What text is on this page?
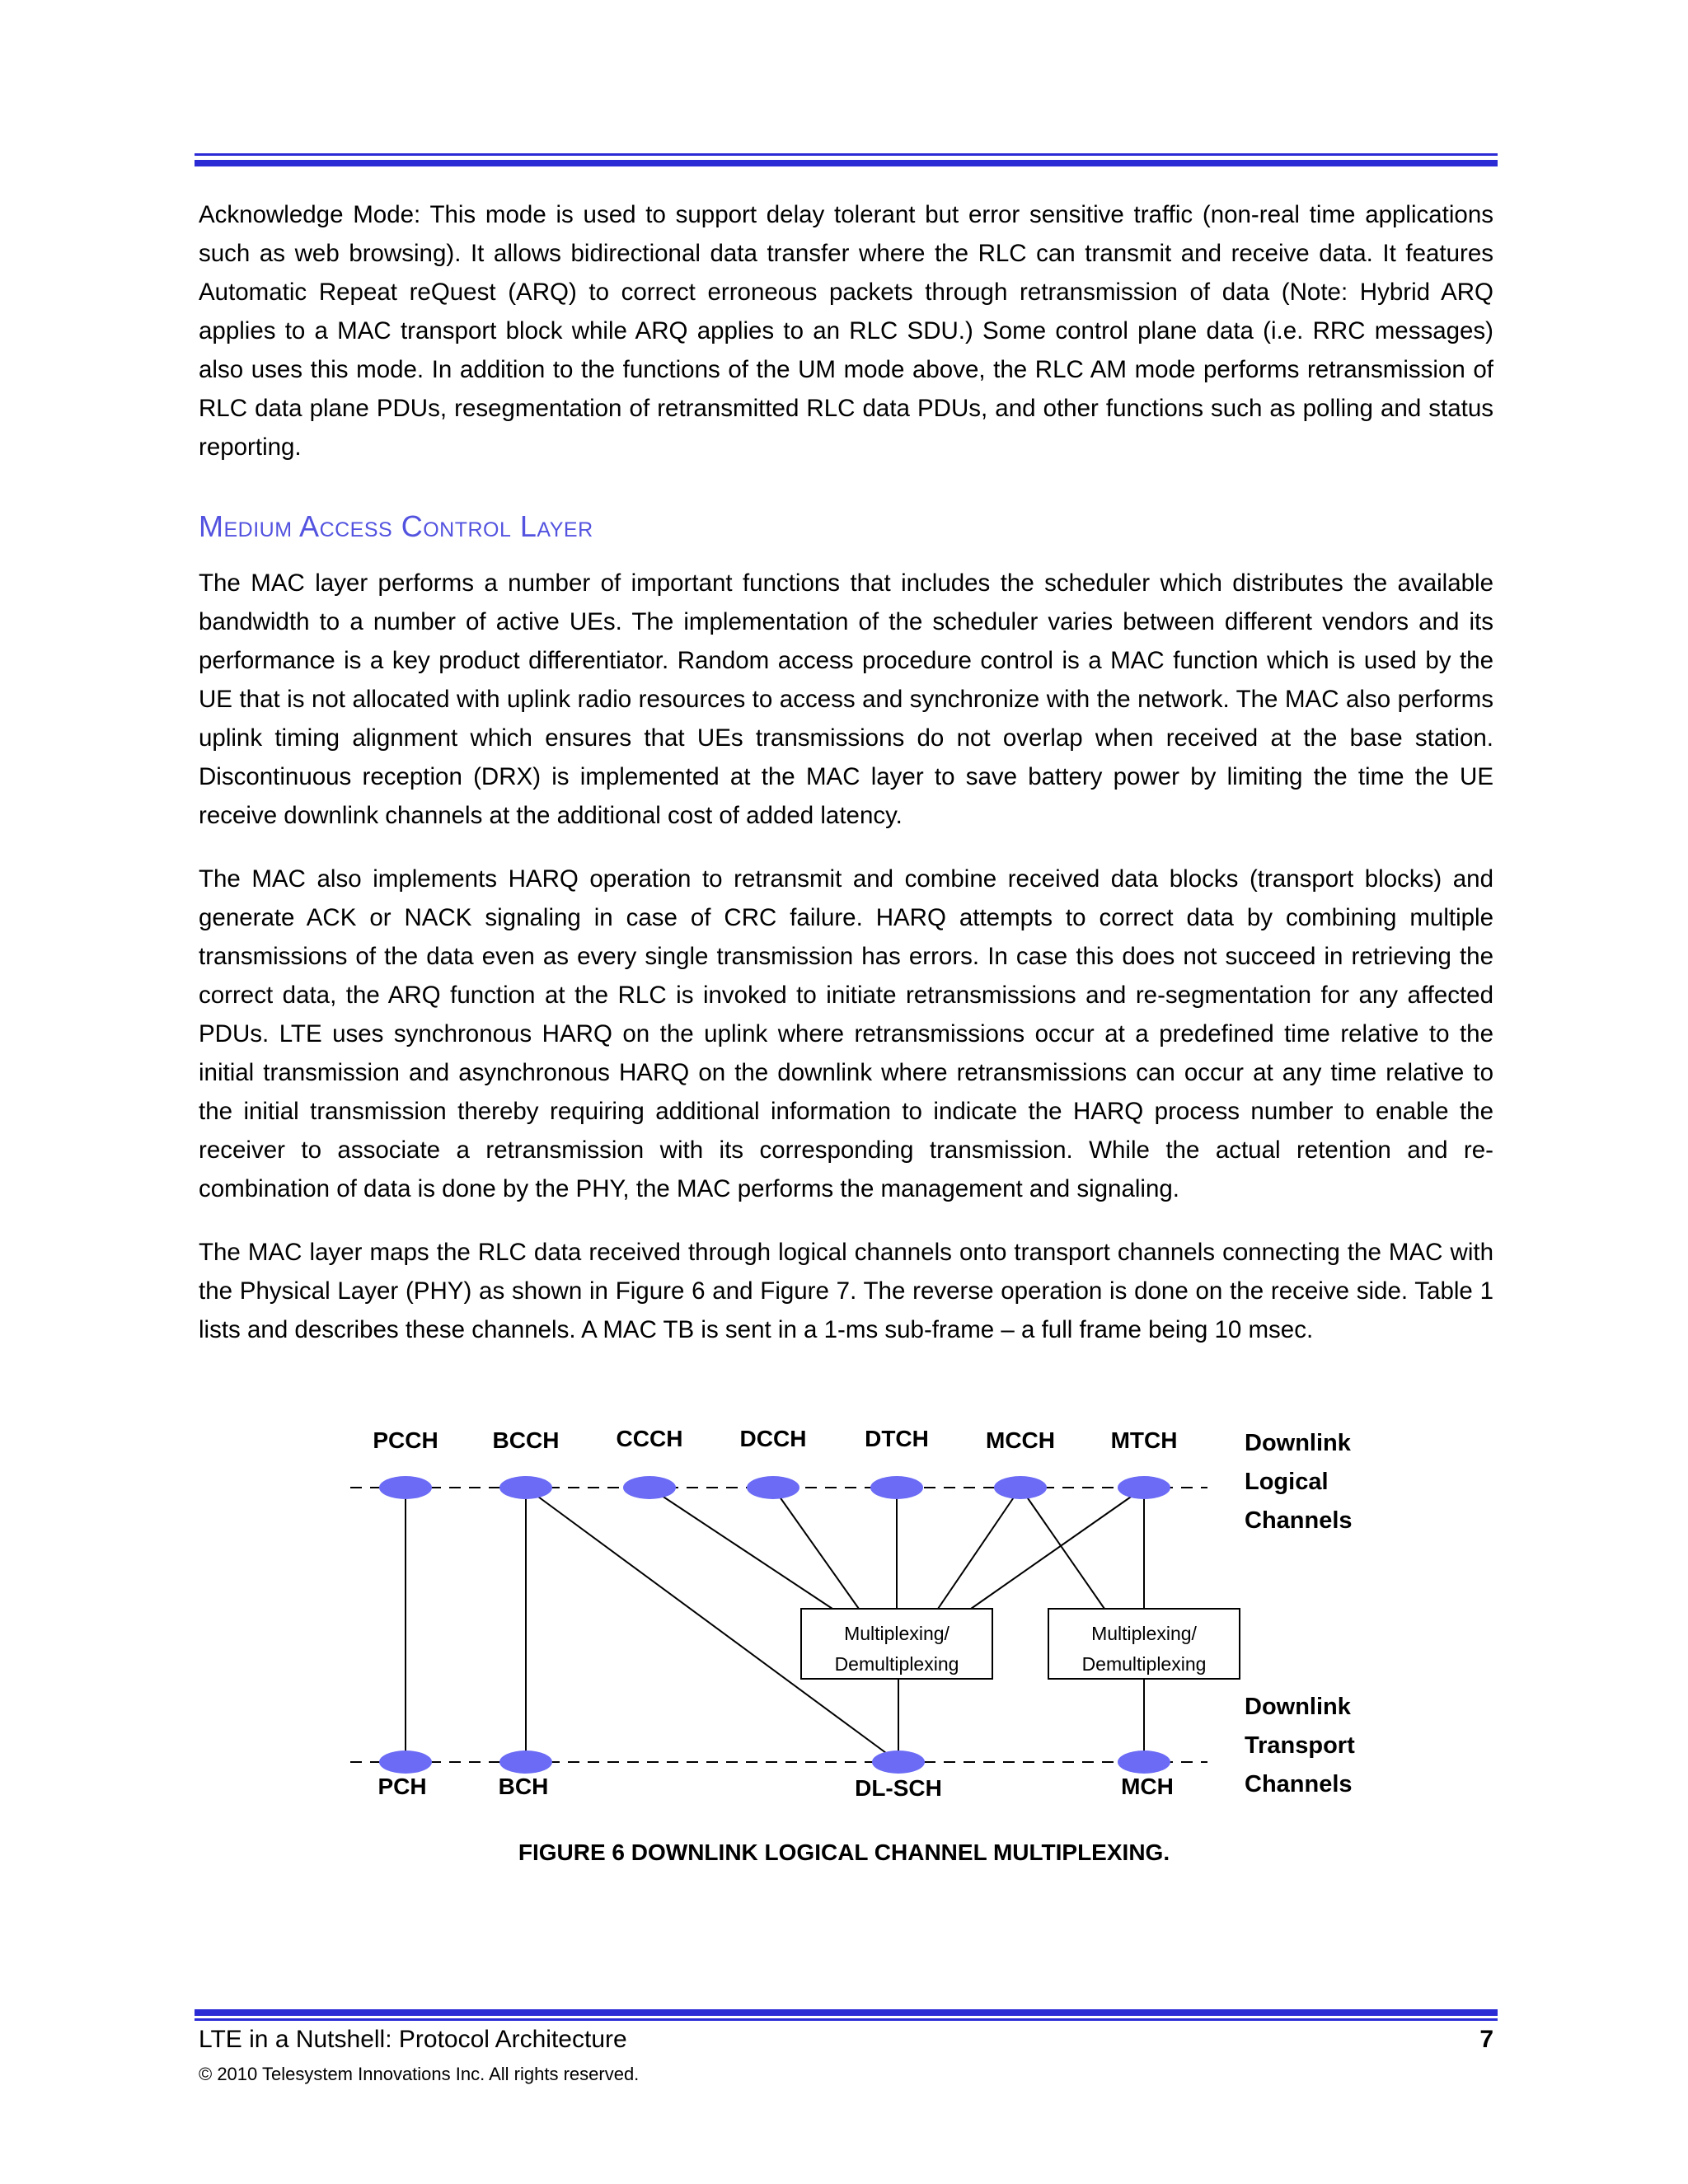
Acknowledge Mode: This mode is used to support delay tolerant but error sensitive traffic (non-real time applications such as web browsing). It allows bidirectional data transfer where the RLC can transmit and receive data. It features Automatic Repeat reQuest (ARQ) to correct erroneous packets through retransmission of data (Note: Hybrid ARQ applies to a MAC transport block while ARQ applies to an RLC SDU.) Some control plane data (i.e. RRC messages) also uses this mode. In addition to the functions of the UM mode above, the RLC AM mode performs retransmission of RLC data plane PDUs, resegmentation of retransmitted RLC data PDUs, and other functions such as polling and status reporting.

Medium Access Control Layer

The MAC layer performs a number of important functions that includes the scheduler which distributes the available bandwidth to a number of active UEs. The implementation of the scheduler varies between different vendors and its performance is a key product differentiator. Random access procedure control is a MAC function which is used by the UE that is not allocated with uplink radio resources to access and synchronize with the network. The MAC also performs uplink timing alignment which ensures that UEs transmissions do not overlap when received at the base station. Discontinuous reception (DRX) is implemented at the MAC layer to save battery power by limiting the time the UE receive downlink channels at the additional cost of added latency.

The MAC also implements HARQ operation to retransmit and combine received data blocks (transport blocks) and generate ACK or NACK signaling in case of CRC failure. HARQ attempts to correct data by combining multiple transmissions of the data even as every single transmission has errors. In case this does not succeed in retrieving the correct data, the ARQ function at the RLC is invoked to initiate retransmissions and re-segmentation for any affected PDUs. LTE uses synchronous HARQ on the uplink where retransmissions occur at a predefined time relative to the initial transmission and asynchronous HARQ on the downlink where retransmissions can occur at any time relative to the initial transmission thereby requiring additional information to indicate the HARQ process number to enable the receiver to associate a retransmission with its corresponding transmission. While the actual retention and re-combination of data is done by the PHY, the MAC performs the management and signaling.

The MAC layer maps the RLC data received through logical channels onto transport channels connecting the MAC with the Physical Layer (PHY) as shown in Figure 6 and Figure 7. The reverse operation is done on the receive side. Table 1 lists and describes these channels. A MAC TB is sent in a 1-ms sub-frame – a full frame being 10 msec.

PCCH BCCH CCCH DCCH	DTCH MCCH MTCH
PCH	BCH	DL-SCH	MCH
Multiplexing/
Demultiplexing
Multiplexing/
Demultiplexing
Downlink
Logical
Channels
Downlink
Transport
Channels

FIGURE 6 DOWNLINK LOGICAL CHANNEL MULTIPLEXING.

LTE in a Nutshell: Protocol Architecture	7

© 2010 Telesystem Innovations Inc. All rights reserved.
